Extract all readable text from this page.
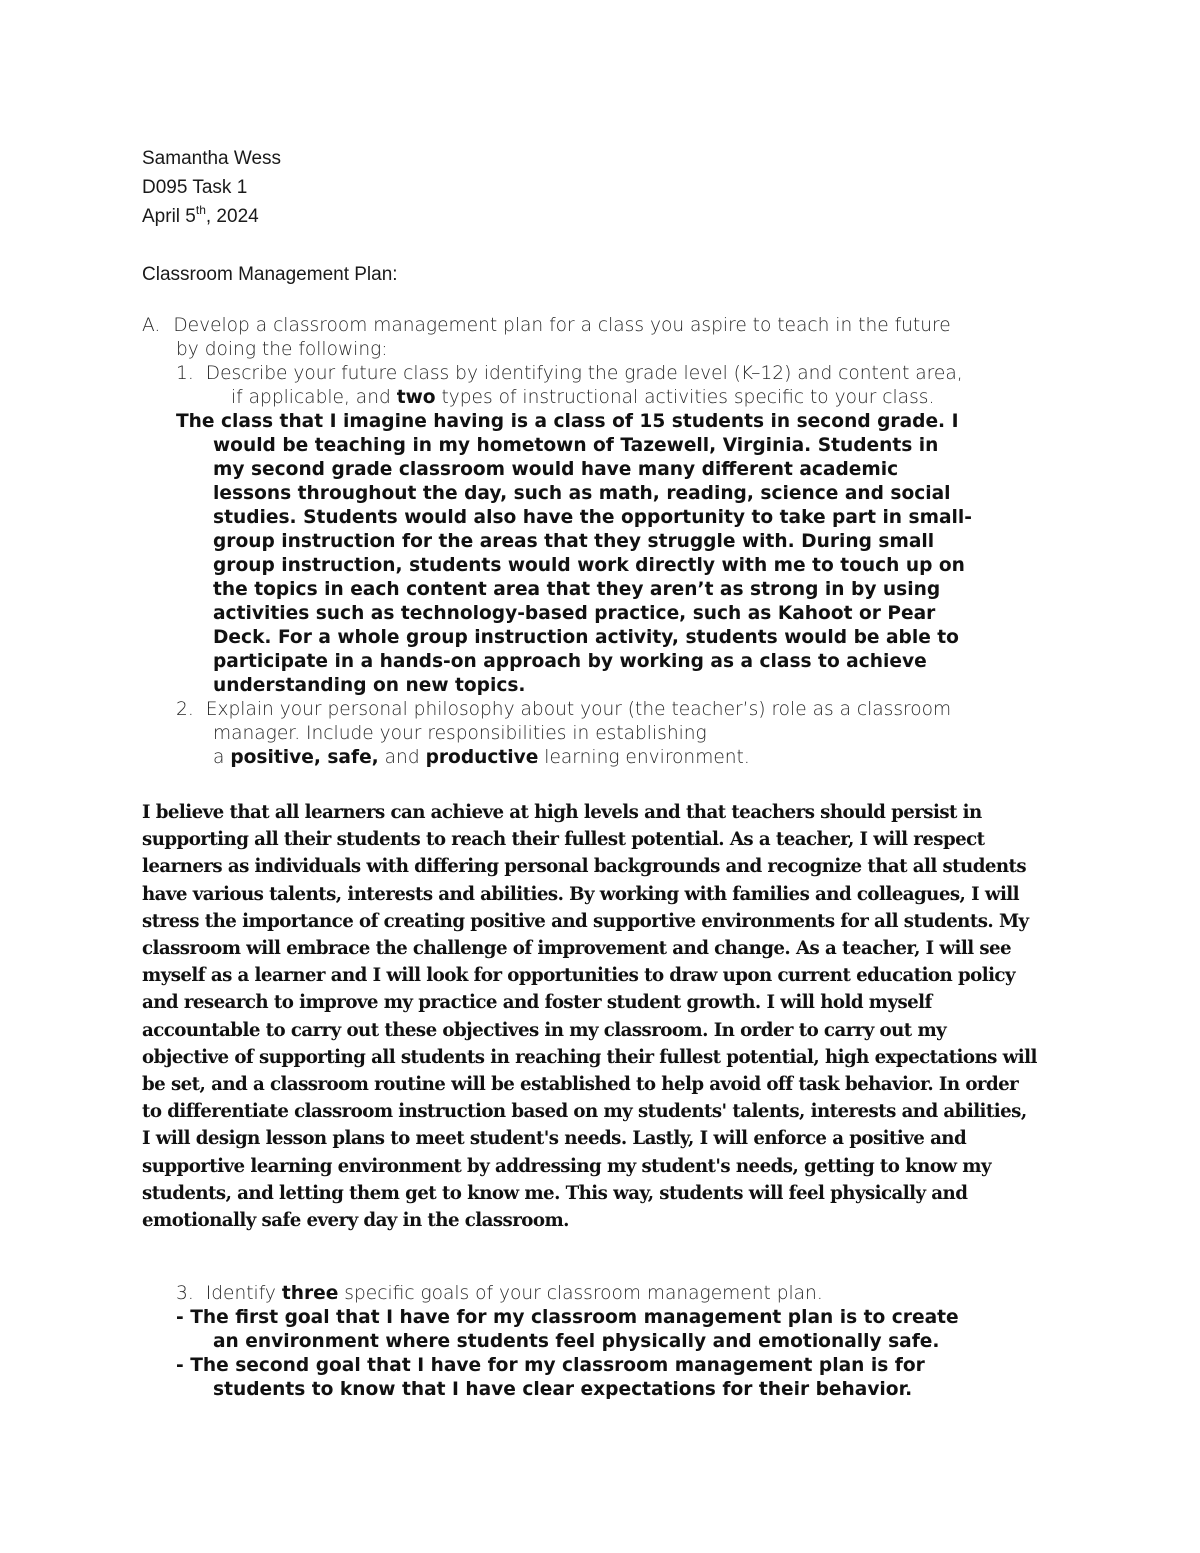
Samantha Wess
D095 Task 1
April 5th, 2024
Classroom Management Plan:
A. Develop a classroom management plan for a class you aspire to teach in the future
by doing the following:
1. Describe your future class by identifying the grade level (K–12) and content area,
if applicable, and two types of instructional activities specific to your class.
The class that I imagine having is a class of 15 students in second grade. I
would be teaching in my hometown of Tazewell, Virginia. Students in
my second grade classroom would have many different academic
lessons throughout the day, such as math, reading, science and social
studies. Students would also have the opportunity to take part in small-
group instruction for the areas that they struggle with. During small
group instruction, students would work directly with me to touch up on
the topics in each content area that they aren’t as strong in by using
activities such as technology-based practice, such as Kahoot or Pear
Deck. For a whole group instruction activity, students would be able to
participate in a hands-on approach by working as a class to achieve
understanding on new topics.
2. Explain your personal philosophy about your (the teacher’s) role as a classroom
manager. Include your responsibilities in establishing
a positive, safe, and productive learning environment.
I believe that all learners can achieve at high levels and that teachers should persist in
supporting all their students to reach their fullest potential. As a teacher, I will respect
learners as individuals with differing personal backgrounds and recognize that all students
have various talents, interests and abilities. By working with families and colleagues, I will
stress the importance of creating positive and supportive environments for all students. My
classroom will embrace the challenge of improvement and change. As a teacher, I will see
myself as a learner and I will look for opportunities to draw upon current education policy
and research to improve my practice and foster student growth. I will hold myself
accountable to carry out these objectives in my classroom. In order to carry out my
objective of supporting all students in reaching their fullest potential, high expectations will
be set, and a classroom routine will be established to help avoid off task behavior. In order
to differentiate classroom instruction based on my students' talents, interests and abilities,
I will design lesson plans to meet student's needs. Lastly, I will enforce a positive and
supportive learning environment by addressing my student's needs, getting to know my
students, and letting them get to know me. This way, students will feel physically and
emotionally safe every day in the classroom.
3. Identify three specific goals of your classroom management plan.
- The first goal that I have for my classroom management plan is to create
an environment where students feel physically and emotionally safe.
- The second goal that I have for my classroom management plan is for
students to know that I have clear expectations for their behavior.
